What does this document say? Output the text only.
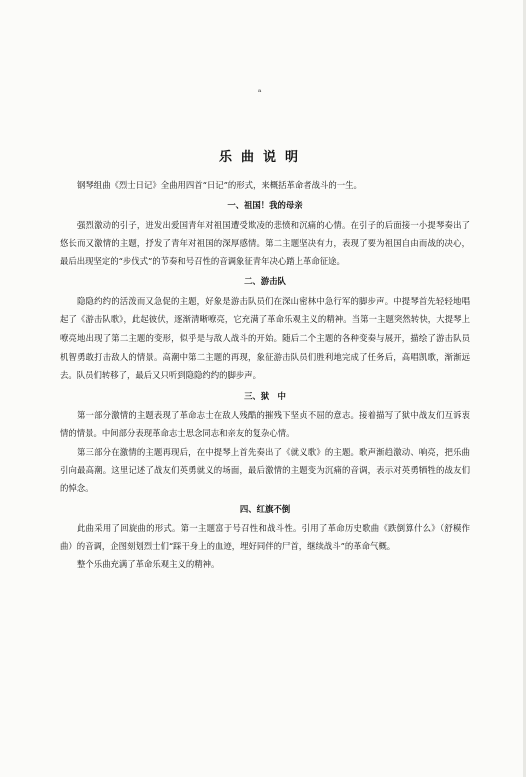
ᵃ
乐曲说明

钢琴组曲《烈士日记》全曲用四首“日记”的形式，来概括革命者战斗的一生。

一、祖国！我的母亲

强烈激动的引子，迸发出爱国青年对祖国遭受欺凌的悲愤和沉痛的心情。在引子的后面接一小提琴奏出了悠长而又激情的主题，抒发了青年对祖国的深厚感情。第二主题坚决有力，表现了要为祖国自由而战的决心，最后出现坚定的“步伐式”的节奏和号召性的音调象征青年决心踏上革命征途。

二、游击队

隐隐约约的活泼而又急促的主题，好象是游击队员们在深山密林中急行军的脚步声。中提琴首先轻轻地唱起了《游击队歌》，此起彼伏，逐渐清晰嘹亮，它充满了革命乐观主义的精神。当第一主题突然转快，大提琴上嘹亮地出现了第二主题的变形，似乎是与敌人战斗的开始。随后二个主题的各种变奏与展开，描绘了游击队员机智勇敢打击敌人的情景。高潮中第二主题的再现，象征游击队员们胜利地完成了任务后，高唱凯歌，渐渐远去。队员们转移了，最后又只听到隐隐约约的脚步声。

三、狱　中

第一部分激情的主题表现了革命志士在敌人残酷的摧残下坚贞不屈的意志。接着描写了狱中战友们互诉衷情的情景。中间部分表现革命志士思念同志和亲友的复杂心情。

第三部分在激情的主题再现后，在中提琴上首先奏出了《就义歌》的主题。歌声渐趋激动、响亮，把乐曲引向最高潮。这里记述了战友们英勇就义的场面，最后激情的主题变为沉痛的音调，表示对英勇牺牲的战友们的悼念。

四、红旗不倒

此曲采用了回旋曲的形式。第一主题富于号召性和战斗性。引用了革命历史歌曲《跌倒算什么》（舒模作曲）的音调，企图刻划烈士们“踩干身上的血迹，埋好同伴的尸首，继续战斗”的革命气概。

整个乐曲充满了革命乐观主义的精神。
